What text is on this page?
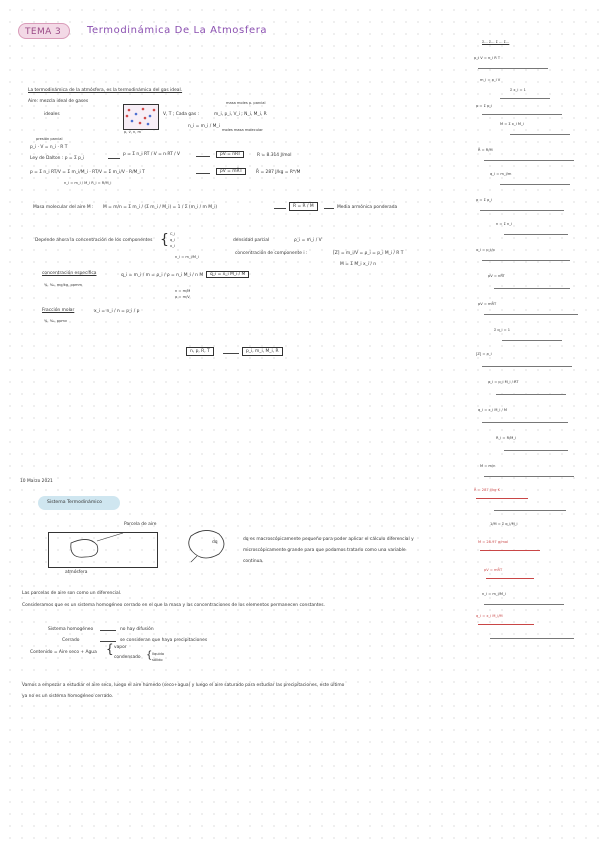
TEMA 3	Termodinámica De La Atmosfera
La termodinámica de la atmósfera, es la termodinámica del gas ideal.
Aire: mezcla ideal de gases
ideales
p, v, n, m
V, T ; Cada gas :	m_i, p_i, V_i ; N_i, M_i, R
masa moles p. parcial
n_i = m_i / M_i
moles masa molecular
presión parcial
p_i · V = n_i · R T
Ley de Dalton : p = Σ p_i
p = Σ n_i RT / V = n RT / V	pV = nRT	R = 8.314 J/mol
p = Σ n_i RT/V = Σ m_i/M_i · RT/V = Σ m_i/V · R/M_i T	pV = mR̄T	R̄ = 287 J/kg = R*/M
n_i = m_i / M_i R_i = R/M_i
Masa molecular del aire M : M = m/n = Σ m_i / (Σ m_i / M_i) = 1 / Σ (m_i / m M_i)	R̄ = R / M	Media armónica ponderada
Depende ahora la concentración de los componentes { C_i
q_i
x_i
densidad parcial	ρ_i = m_i / V
concentración de componente i :	[Z] = m_i/V = ρ_i = p_i M_i / R T
M = Σ M_i x_i / n
concentración específica
%, ‰, mg/kg, ppmm
q_i = m_i / m = ρ_i / ρ = n_i M_i / n M	q_i = x_i M_i / M
n_i = m_i/M_i
n = m/M
ρ = m/V
Fracción molar
%, ‰, ppmv
x_i = n_i / n = p_i / p
n, p, R, T	p_i, m_i, M_i, R
10 Marzo 2021
Sistema Termodinámico
Parcela de aire
atmósfera
dq
dq es macroscópicamente pequeño para poder aplicar el cálculo diferencial y
microscópicamente grande para que podamos tratarlo como una variable
continua.
Las parcelas de aire son como un diferencial.
Consideramos que es un sistema homogéneo cerrado en el que la masa y las concentraciones de los elementos permanecen constantes.
Sistema homogéneo	no hay difusión
Cerrado	se consideran que haya precipitaciones
Contenido = Aire seco + Agua { vapor
condensado { líquido
sólido
Vamos a empezar a estudiar el aire seco, luego el aire húmedo (seco+agua) y luego el aire saturado para estudiar las precipitaciones, este último
ya no es un sistema homogéneo cerrado.
Σ... Σ... Σ ... Σ...
p_i V = n_i R T
m_i = ρ_i V
Σ x_i = 1
p = Σ p_i
M = Σ x_i M_i
R̄ = R/M
q_i = m_i/m
ρ = Σ ρ_i
n = Σ n_i
x_i = p_i/p
pV = nRT
pV = mR̄T
Σ q_i = 1
[Z] = ρ_i
ρ_i = p_i M_i / RT
q_i = x_i M_i / M
R_i = R/M_i
M = m/n
1/M = Σ q_i/M_i
n_i = m_i/M_i
R̄ = 287 J/kg·K
M = 28.97 g/mol
pV = mR̄T
q_i = x_i M_i/M
